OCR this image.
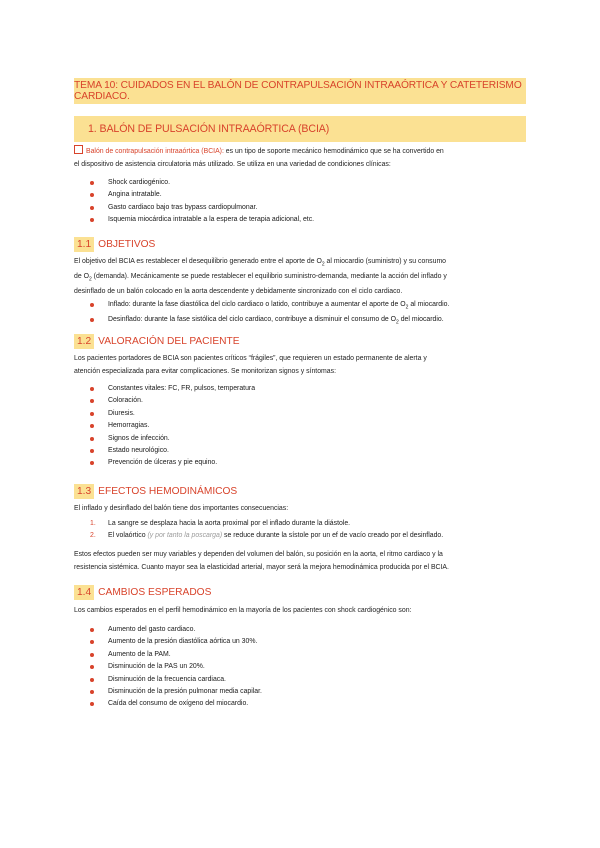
TEMA 10: CUIDADOS EN EL BALÓN DE CONTRAPULSACIÓN INTRAAÓRTICA Y CATETERISMO CARDIACO.
1. BALÓN DE PULSACIÓN INTRAAÓRTICA (BCIA)
Balón de contrapulsación intraaórtica (BCIA): es un tipo de soporte mecánico hemodinámico que se ha convertido en
el dispositivo de asistencia circulatoria más utilizado. Se utiliza en una variedad de condiciones clínicas:
Shock cardiogénico.
Angina intratable.
Gasto cardiaco bajo tras bypass cardiopulmonar.
Isquemia miocárdica intratable a la espera de terapia adicional, etc.
1.1 OBJETIVOS
El objetivo del BCIA es restablecer el desequilibrio generado entre el aporte de $O_2$ al miocardio (suministro) y su consumo
de $O_2$ (demanda). Mecánicamente se puede restablecer el equilibrio suministro-demanda, mediante la acción del inflado y
desinflado de un balón colocado en la aorta descendente y debidamente sincronizado con el ciclo cardiaco.
Inflado: durante la fase diastólica del ciclo cardiaco o latido, contribuye a aumentar el aporte de $O_2$ al miocardio.
Desinflado: durante la fase sistólica del ciclo cardiaco, contribuye a disminuir el consumo de $O_2$ del miocardio.
1.2 VALORACIÓN DEL PACIENTE
Los pacientes portadores de BCIA son pacientes críticos “frágiles”, que requieren un estado permanente de alerta y
atención especializada para evitar complicaciones. Se monitorizan signos y síntomas:
Constantes vitales: FC, FR, pulsos, temperatura
Coloración.
Diuresis.
Hemorragias.
Signos de infección.
Estado neurológico.
Prevención de úlceras y pie equino.
1.3 EFECTOS HEMODINÁMICOS
El inflado y desinflado del balón tiene dos importantes consecuencias:
1. La sangre se desplaza hacia la aorta proximal por el inflado durante la diástole.
2. El volaórtico (y por tanto la poscarga) se reduce durante la sístole por un ef de vacío creado por el desinflado.
Estos efectos pueden ser muy variables y dependen del volumen del balón, su posición en la aorta, el ritmo cardiaco y la
resistencia sistémica. Cuanto mayor sea la elasticidad arterial, mayor será la mejora hemodinámica producida por el BCIA.
1.4 CAMBIOS ESPERADOS
Los cambios esperados en el perfil hemodinámico en la mayoría de los pacientes con shock cardiogénico son:
Aumento del gasto cardiaco.
Aumento de la presión diastólica aórtica un 30%.
Aumento de la PAM.
Disminución de la PAS un 20%.
Disminución de la frecuencia cardiaca.
Disminución de la presión pulmonar media capilar.
Caída del consumo de oxígeno del miocardio.
